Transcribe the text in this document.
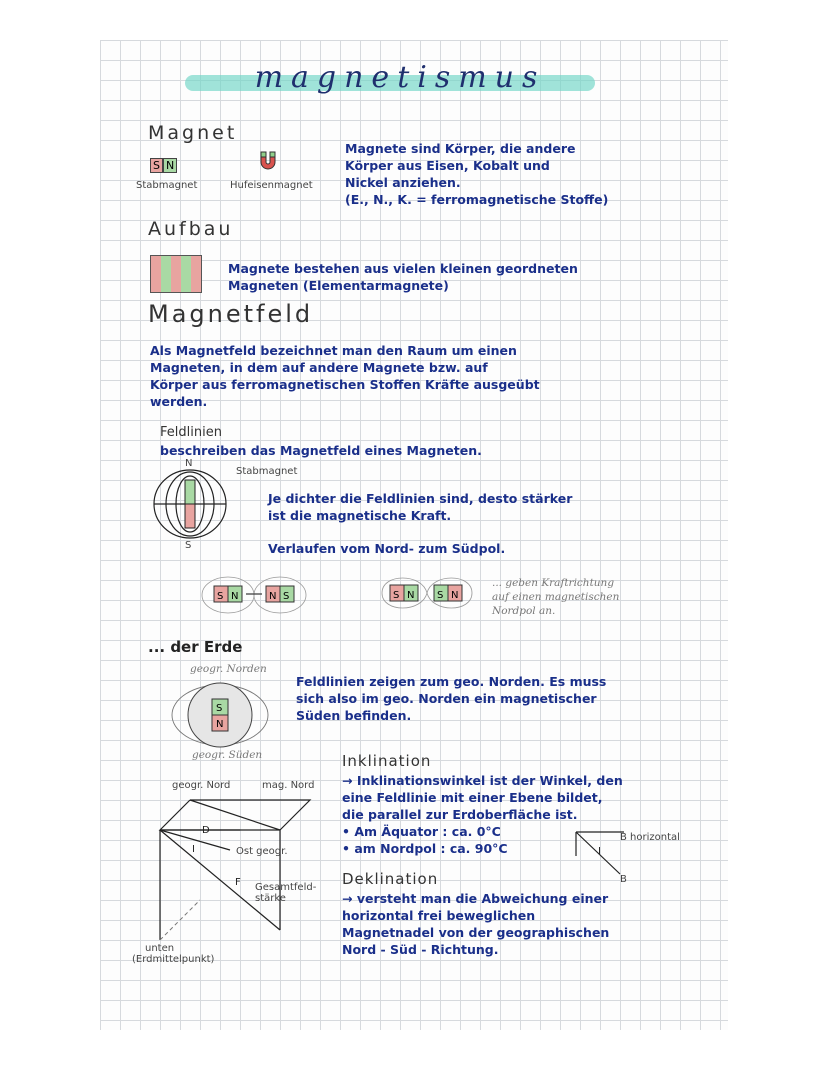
magnetismus
Magnet
S N
Stabmagnet	Hufeisenmagnet
Magnete sind Körper, die andere
Körper aus Eisen, Kobalt und
Nickel anziehen.
(E., N., K. = ferromagnetische Stoffe)
Aufbau
Magnete bestehen aus vielen kleinen geordneten
Magneten (Elementarmagnete)
Magnetfeld
Als Magnetfeld bezeichnet man den Raum um einen
Magneten, in dem auf andere Magnete bzw. auf
Körper aus ferromagnetischen Stoffen Kräfte ausgeübt
werden.
Feldlinien
beschreiben das Magnetfeld eines Magneten.
Stabmagnet
N
S
Je dichter die Feldlinien sind, desto stärker
ist die magnetische Kraft.
Verlaufen vom Nord- zum Südpol.
S N	N S	S N S N
... geben Kraftrichtung
auf einen magnetischen
Nordpol an.
... der Erde
geogr. Norden
S
N
geogr. Süden
Feldlinien zeigen zum geo. Norden. Es muss
sich also im geo. Norden ein magnetischer
Süden befinden.
geogr. Nord	mag. Nord
D
I
F
Ost geogr.
Gesamtfeld-
stärke
unten
(Erdmittelpunkt)
Inklination
→ Inklinationswinkel ist der Winkel, den
eine Feldlinie mit einer Ebene bildet,
die parallel zur Erdoberfläche ist.
• Am Äquator : ca. 0°C
• am Nordpol : ca. 90°C	I
B horizontal
B
Deklination
→ versteht man die Abweichung einer
horizontal frei beweglichen
Magnetnadel von der geographischen
Nord - Süd - Richtung.
